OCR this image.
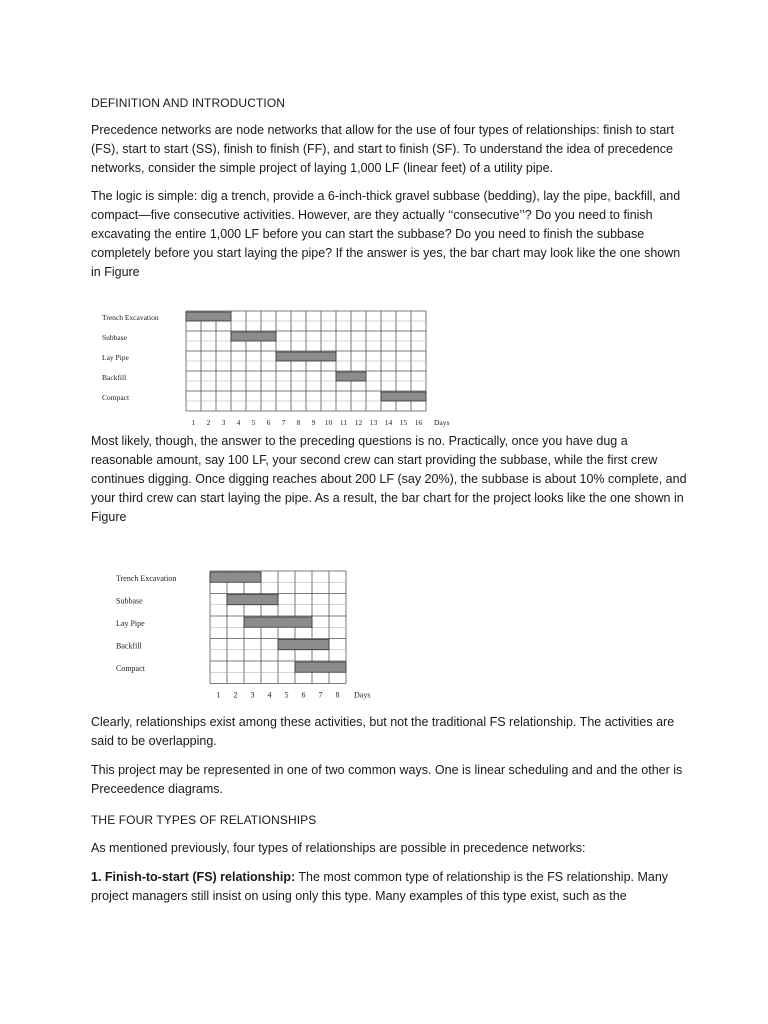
DEFINITION AND INTRODUCTION

Precedence networks are node networks that allow for the use of four types of relationships: finish to start (FS), start to start (SS), finish to finish (FF), and start to finish (SF). To understand the idea of precedence networks, consider the simple project of laying 1,000 LF (linear feet) of a utility pipe.

The logic is simple: dig a trench, provide a 6-inch-thick gravel subbase (bedding), lay the pipe, backfill, and compact—five consecutive activities. However, are they actually ‘‘consecutive’’? Do you need to finish excavating the entire 1,000 LF before you can start the subbase? Do you need to finish the subbase completely before you start laying the pipe? If the answer is yes, the bar chart may look like the one shown in Figure

Trench Excavation
Subbase
Lay Pipe
Backfill
Compact
1 2 3 4 5 6 7 8 9 10 11 12 13 14 15 16 Days

Most likely, though, the answer to the preceding questions is no. Practically, once you have dug a reasonable amount, say 100 LF, your second crew can start providing the subbase, while the first crew continues digging. Once digging reaches about 200 LF (say 20%), the subbase is about 10% complete, and your third crew can start laying the pipe. As a result, the bar chart for the project looks like the one shown in Figure

Trench Excavation
Subbase
Lay Pipe
Backfill
Compact
1 2 3 4 5 6 7 8 Days

Clearly, relationships exist among these activities, but not the traditional FS relationship. The activities are said to be overlapping.

This project may be represented in one of two common ways. One is linear scheduling and and the other is Preceedence diagrams.

THE FOUR TYPES OF RELATIONSHIPS

As mentioned previously, four types of relationships are possible in precedence networks:

1. Finish-to-start (FS) relationship: The most common type of relationship is the FS relationship. Many project managers still insist on using only this type. Many examples of this type exist, such as the
